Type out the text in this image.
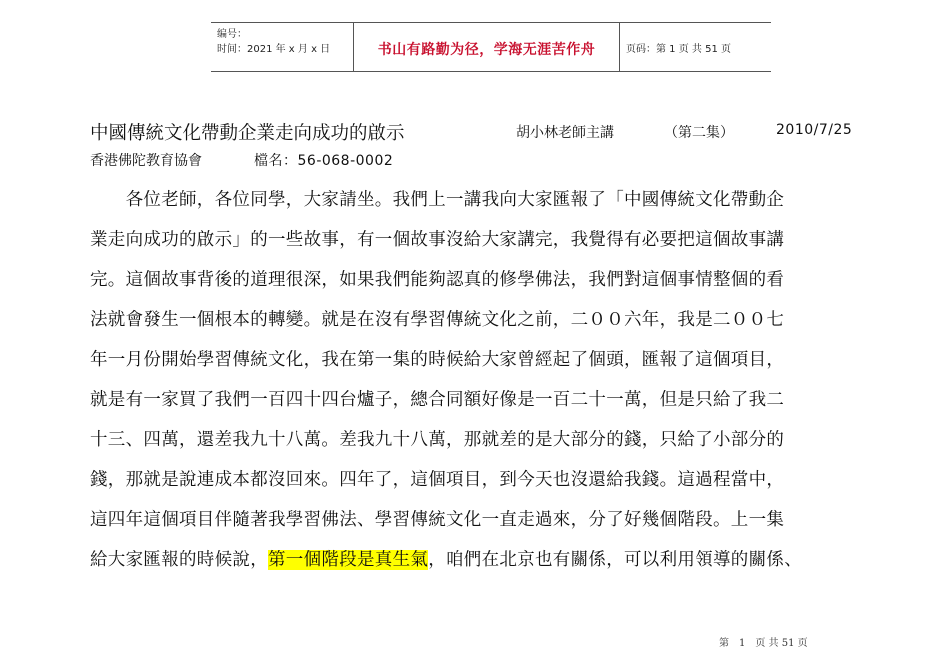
编号：
时间：2021 年 x 月 x 日	书山有路勤为径，学海无涯苦作舟	页码：第 1 页 共 51 页
中國傳統文化帶動企業走向成功的啟示	胡小林老師主講	（第二集）	2010/7/25
香港佛陀教育協會	檔名：56-068-0002
　　各位老師，各位同學，大家請坐。我們上一講我向大家匯報了「中國傳統文化帶動企
業走向成功的啟示」的一些故事，有一個故事沒給大家講完，我覺得有必要把這個故事講
完。這個故事背後的道理很深，如果我們能夠認真的修學佛法，我們對這個事情整個的看
法就會發生一個根本的轉變。就是在沒有學習傳統文化之前，二００六年，我是二００七
年一月份開始學習傳統文化，我在第一集的時候給大家曾經起了個頭，匯報了這個項目，
就是有一家買了我們一百四十四台爐子，總合同額好像是一百二十一萬，但是只給了我二
十三、四萬，還差我九十八萬。差我九十八萬，那就差的是大部分的錢，只給了小部分的
錢，那就是說連成本都沒回來。四年了，這個項目，到今天也沒還給我錢。這過程當中，
這四年這個項目伴隨著我學習佛法、學習傳統文化一直走過來，分了好幾個階段。上一集
給大家匯報的時候說，第一個階段是真生氣，咱們在北京也有關係，可以利用領導的關係、
第　1　页 共 51 页
